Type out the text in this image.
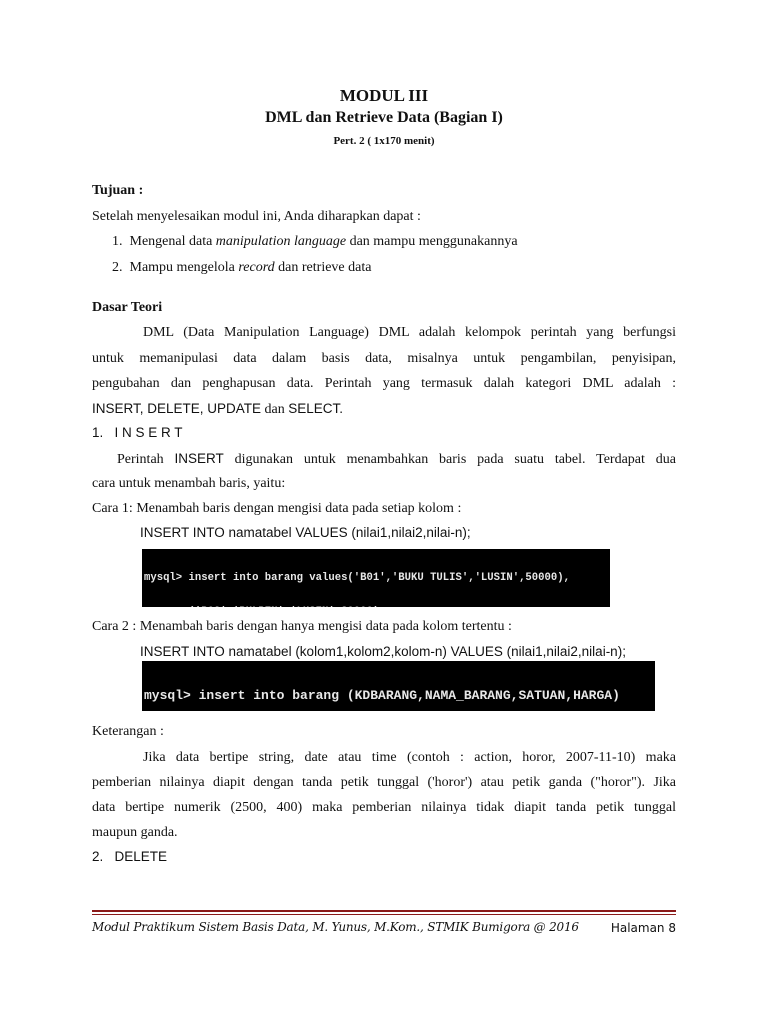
MODUL III
DML dan Retrieve Data (Bagian I)
Pert. 2 ( 1x170 menit)
Tujuan :
Setelah menyelesaikan modul ini, Anda diharapkan dapat :
1. Mengenal data manipulation language dan mampu menggunakannya
2. Mampu mengelola record dan retrieve data
Dasar Teori
DML (Data Manipulation Language) DML adalah kelompok perintah yang berfungsi
untuk memanipulasi data dalam basis data, misalnya untuk pengambilan, penyisipan,
pengubahan dan penghapusan data. Perintah yang termasuk dalah kategori DML adalah :
INSERT, DELETE, UPDATE dan SELECT.
1. I N S E R T
Perintah INSERT digunakan untuk menambahkan baris pada suatu tabel. Terdapat dua
cara untuk menambah baris, yaitu:
Cara 1: Menambah baris dengan mengisi data pada setiap kolom :
INSERT INTO namatabel VALUES (nilai1,nilai2,nilai-n);

mysql> insert into barang values('B01','BUKU TULIS','LUSIN',50000),

Cara 2 : Menambah baris dengan hanya mengisi data pada kolom tertentu :
INSERT INTO namatabel (kolom1,kolom2,kolom-n) VALUES (nilai1,nilai2,nilai-n);

mysql> insert into barang (KDBARANG,NAMA_BARANG,SATUAN,HARGA)

Keterangan :
Jika data bertipe string, date atau time (contoh : action, horor, 2007-11-10) maka
pemberian nilainya diapit dengan tanda petik tunggal ('horor') atau petik ganda ("horor"). Jika
data bertipe numerik (2500, 400) maka pemberian nilainya tidak diapit tanda petik tunggal
maupun ganda.
2. DELETE
Modul Praktikum Sistem Basis Data, M. Yunus, M.Kom., STMIK Bumigora @ 2016	Halaman 8
